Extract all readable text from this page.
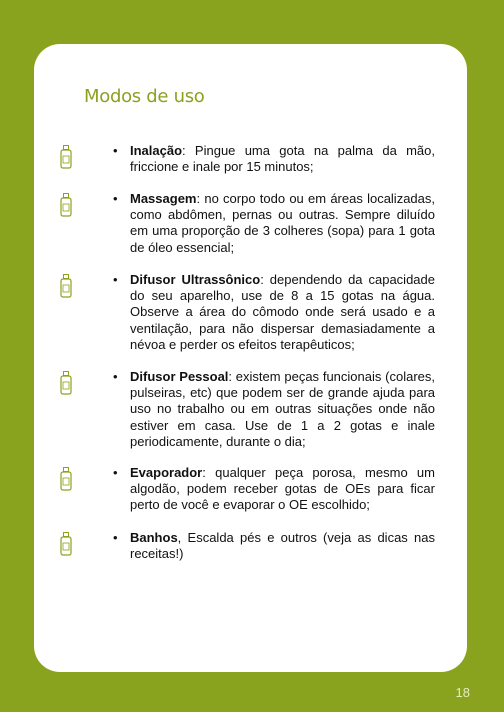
Modos de uso
• Inalação: Pingue uma gota na palma da mão, friccione e inale por 15 minutos;

• Massagem: no corpo todo ou em áreas localizadas, como abdômen, pernas ou outras. Sempre diluído em uma proporção de 3 colheres (sopa) para 1 gota de óleo essencial;

• Difusor Ultrassônico: dependendo da capacidade do seu aparelho, use de 8 a 15 gotas na água. Observe a área do cômodo onde será usado e a ventilação, para não dispersar demasiadamente a névoa e perder os efeitos terapêuticos;

• Difusor Pessoal: existem peças funcionais (colares, pulseiras, etc) que podem ser de grande ajuda para uso no trabalho ou em outras situações onde não estiver em casa. Use de 1 a 2 gotas e inale periodicamente, durante o dia;

• Evaporador: qualquer peça porosa, mesmo um algodão, podem receber gotas de OEs para ficar perto de você e evaporar o OE escolhido;

• Banhos, Escalda pés e outros (veja as dicas nas receitas!)

18
